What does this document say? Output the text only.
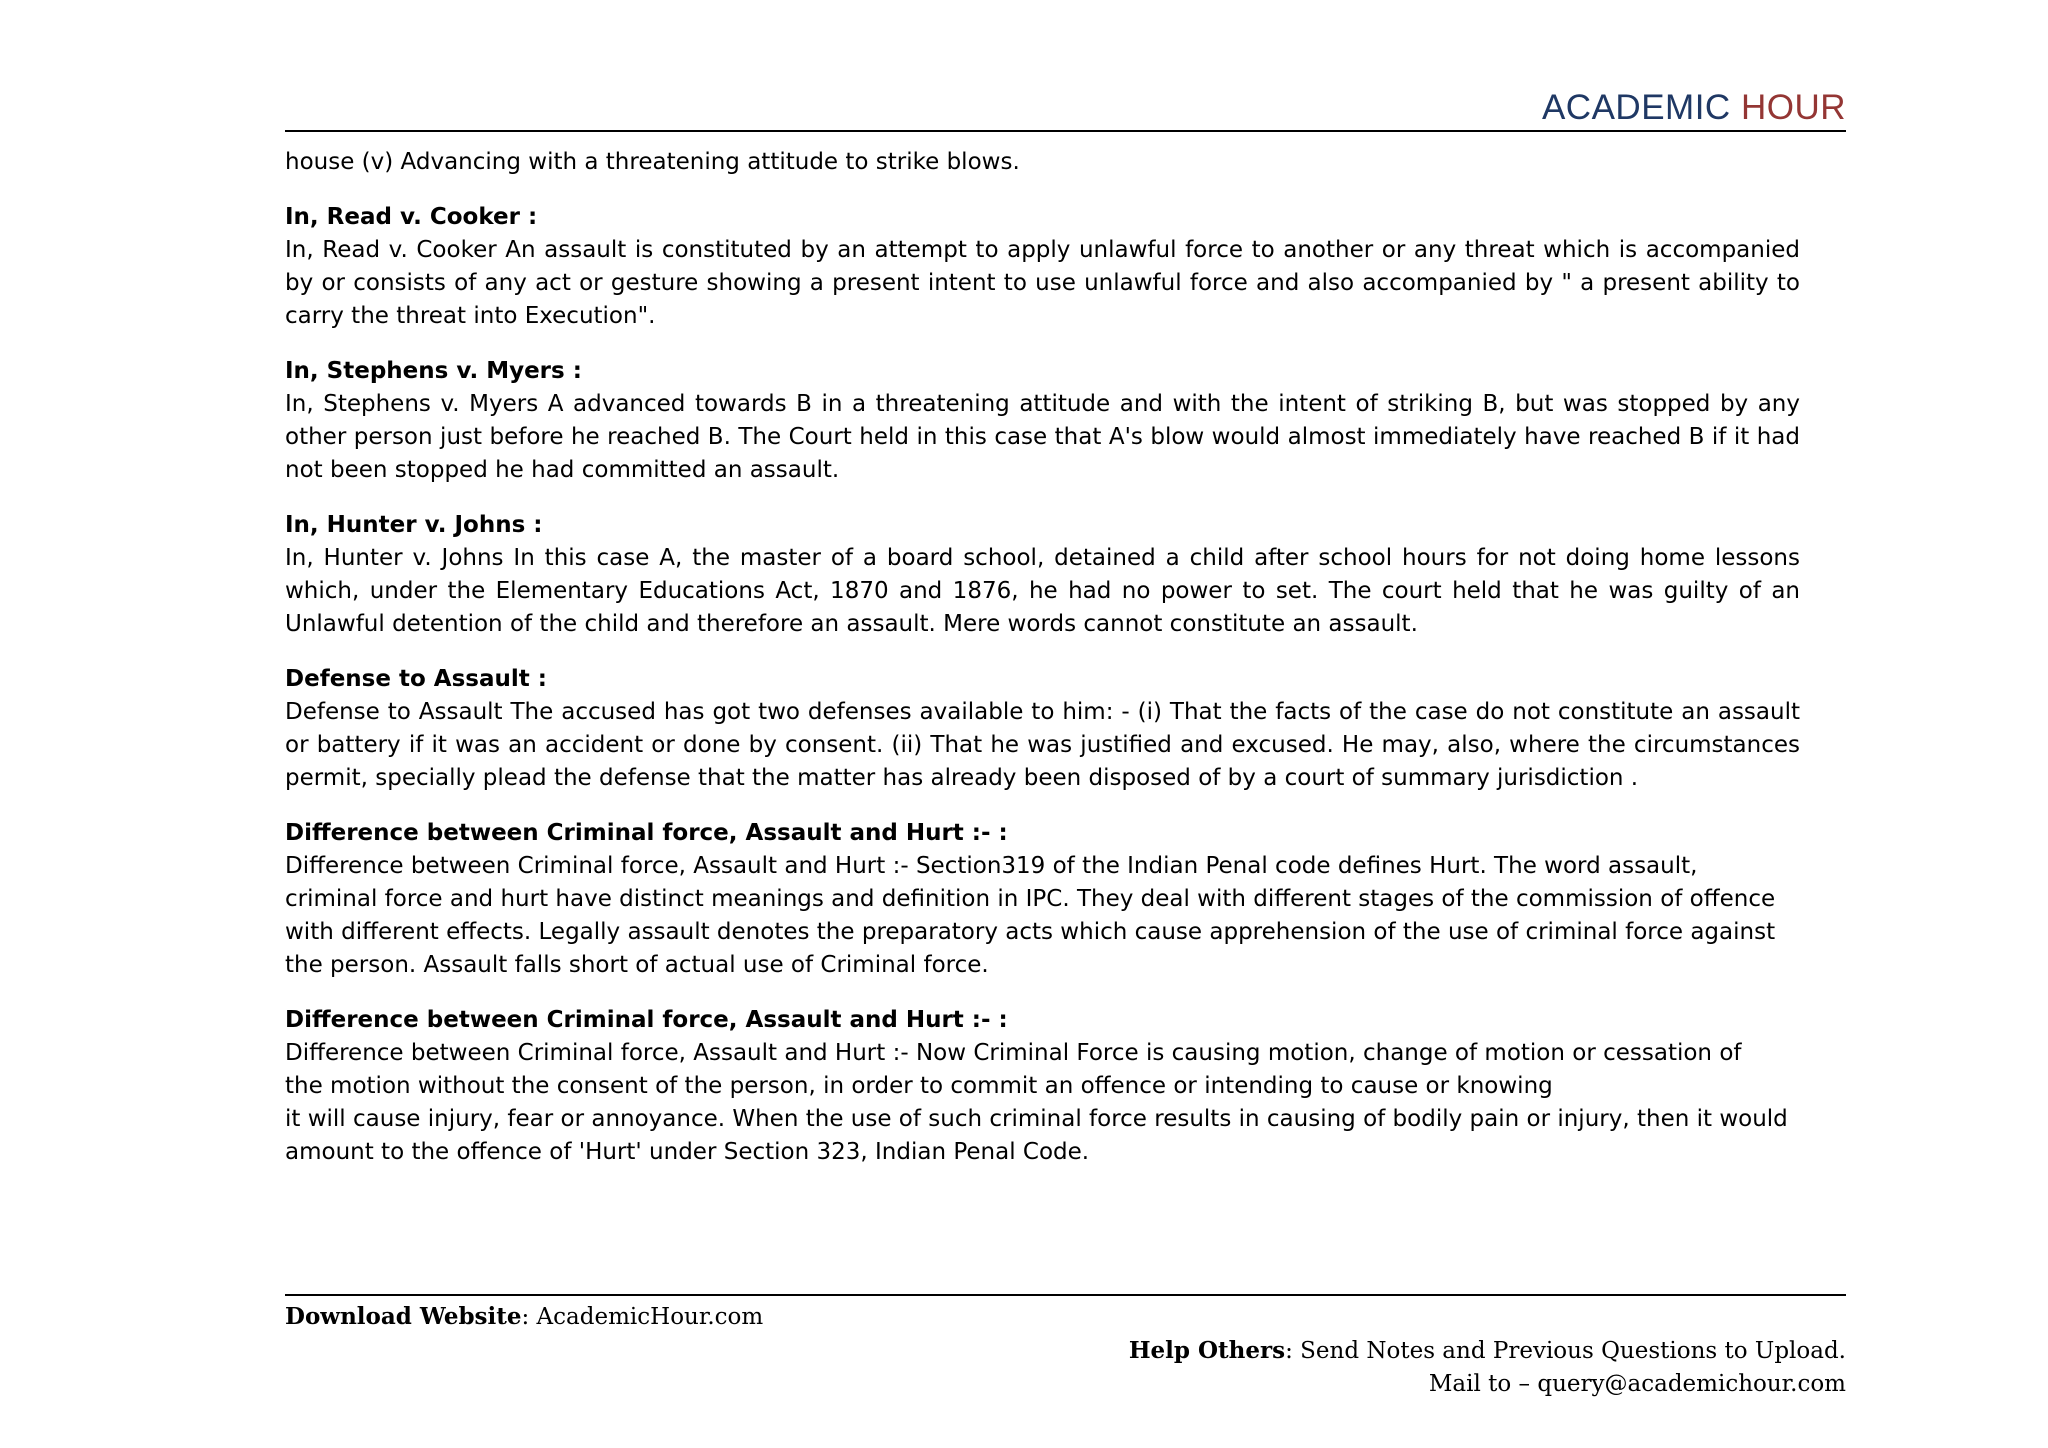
ACADEMIC HOUR
house (v) Advancing with a threatening attitude to strike blows.
In, Read v. Cooker :

In, Read v. Cooker An assault is constituted by an attempt to apply unlawful force to another or any threat which is accompanied by or consists of any act or gesture showing a present intent to use unlawful force and also accompanied by " a present ability to carry the threat into Execution".

In, Stephens v. Myers :

In, Stephens v. Myers A advanced towards B in a threatening attitude and with the intent of striking B, but was stopped by any other person just before he reached B. The Court held in this case that A's blow would almost immediately have reached B if it had not been stopped he had committed an assault.

In, Hunter v. Johns :

In, Hunter v. Johns In this case A, the master of a board school, detained a child after school hours for not doing home lessons which, under the Elementary Educations Act, 1870 and 1876, he had no power to set. The court held that he was guilty of an Unlawful detention of the child and therefore an assault. Mere words cannot constitute an assault.

Defense to Assault :

Defense to Assault The accused has got two defenses available to him: - (i) That the facts of the case do not constitute an assault or battery if it was an accident or done by consent. (ii) That he was justified and excused. He may, also, where the circumstances permit, specially plead the defense that the matter has already been disposed of by a court of summary jurisdiction .

Difference between Criminal force, Assault and Hurt :- :

Difference between Criminal force, Assault and Hurt :- Section319 of the Indian Penal code defines Hurt. The word assault,
criminal force and hurt have distinct meanings and definition in IPC. They deal with different stages of the commission of offence
with different effects. Legally assault denotes the preparatory acts which cause apprehension of the use of criminal force against
the person. Assault falls short of actual use of Criminal force.

Difference between Criminal force, Assault and Hurt :- :

Difference between Criminal force, Assault and Hurt :- Now Criminal Force is causing motion, change of motion or cessation of
the motion without the consent of the person, in order to commit an offence or intending to cause or knowing
it will cause injury, fear or annoyance. When the use of such criminal force results in causing of bodily pain or injury, then it would
amount to the offence of 'Hurt' under Section 323, Indian Penal Code.

Download Website: AcademicHour.com
Help Others: Send Notes and Previous Questions to Upload.
Mail to – query@academichour.com
